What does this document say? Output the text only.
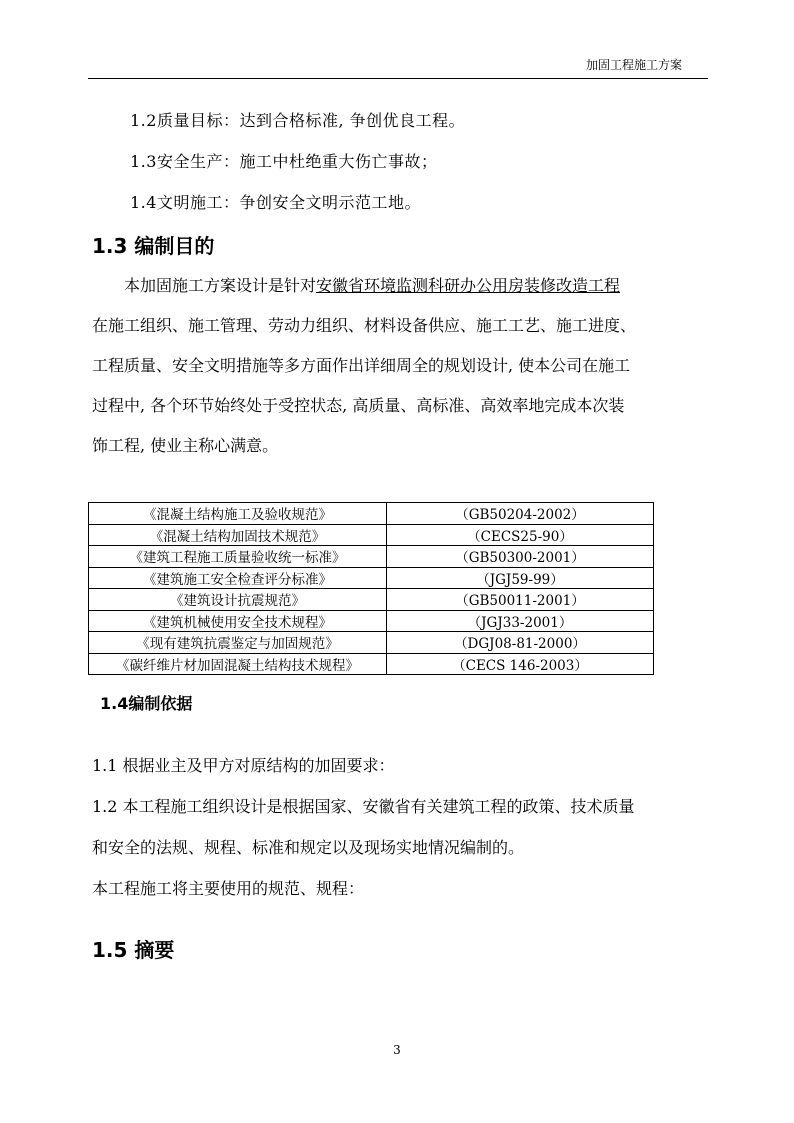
加固工程施工方案
1.2质量目标：达到合格标准, 争创优良工程。
1.3安全生产：施工中杜绝重大伤亡事故；
1.4文明施工：争创安全文明示范工地。
1.3 编制目的
本加固施工方案设计是针对安徽省环境监测科研办公用房装修改造工程
在施工组织、施工管理、劳动力组织、材料设备供应、施工工艺、施工进度、
工程质量、安全文明措施等多方面作出详细周全的规划设计, 使本公司在施工
过程中, 各个环节始终处于受控状态, 高质量、高标准、高效率地完成本次装
饰工程, 使业主称心满意。
《混凝土结构施工及验收规范》	（GB50204-2002）
《混凝土结构加固技术规范》	（CECS25-90）
《建筑工程施工质量验收统一标准》	（GB50300-2001）
《建筑施工安全检查评分标准》	（JGJ59-99）
《建筑设计抗震规范》	（GB50011-2001）
《建筑机械使用安全技术规程》	（JGJ33-2001）
《现有建筑抗震鉴定与加固规范》	（DGJ08-81-2000）
《碳纤维片材加固混凝土结构技术规程》	（CECS 146-2003）
1.4编制依据
1.1 根据业主及甲方对原结构的加固要求：
1.2 本工程施工组织设计是根据国家、安徽省有关建筑工程的政策、技术质量
和安全的法规、规程、标准和规定以及现场实地情况编制的。
本工程施工将主要使用的规范、规程：
1.5 摘要
3
